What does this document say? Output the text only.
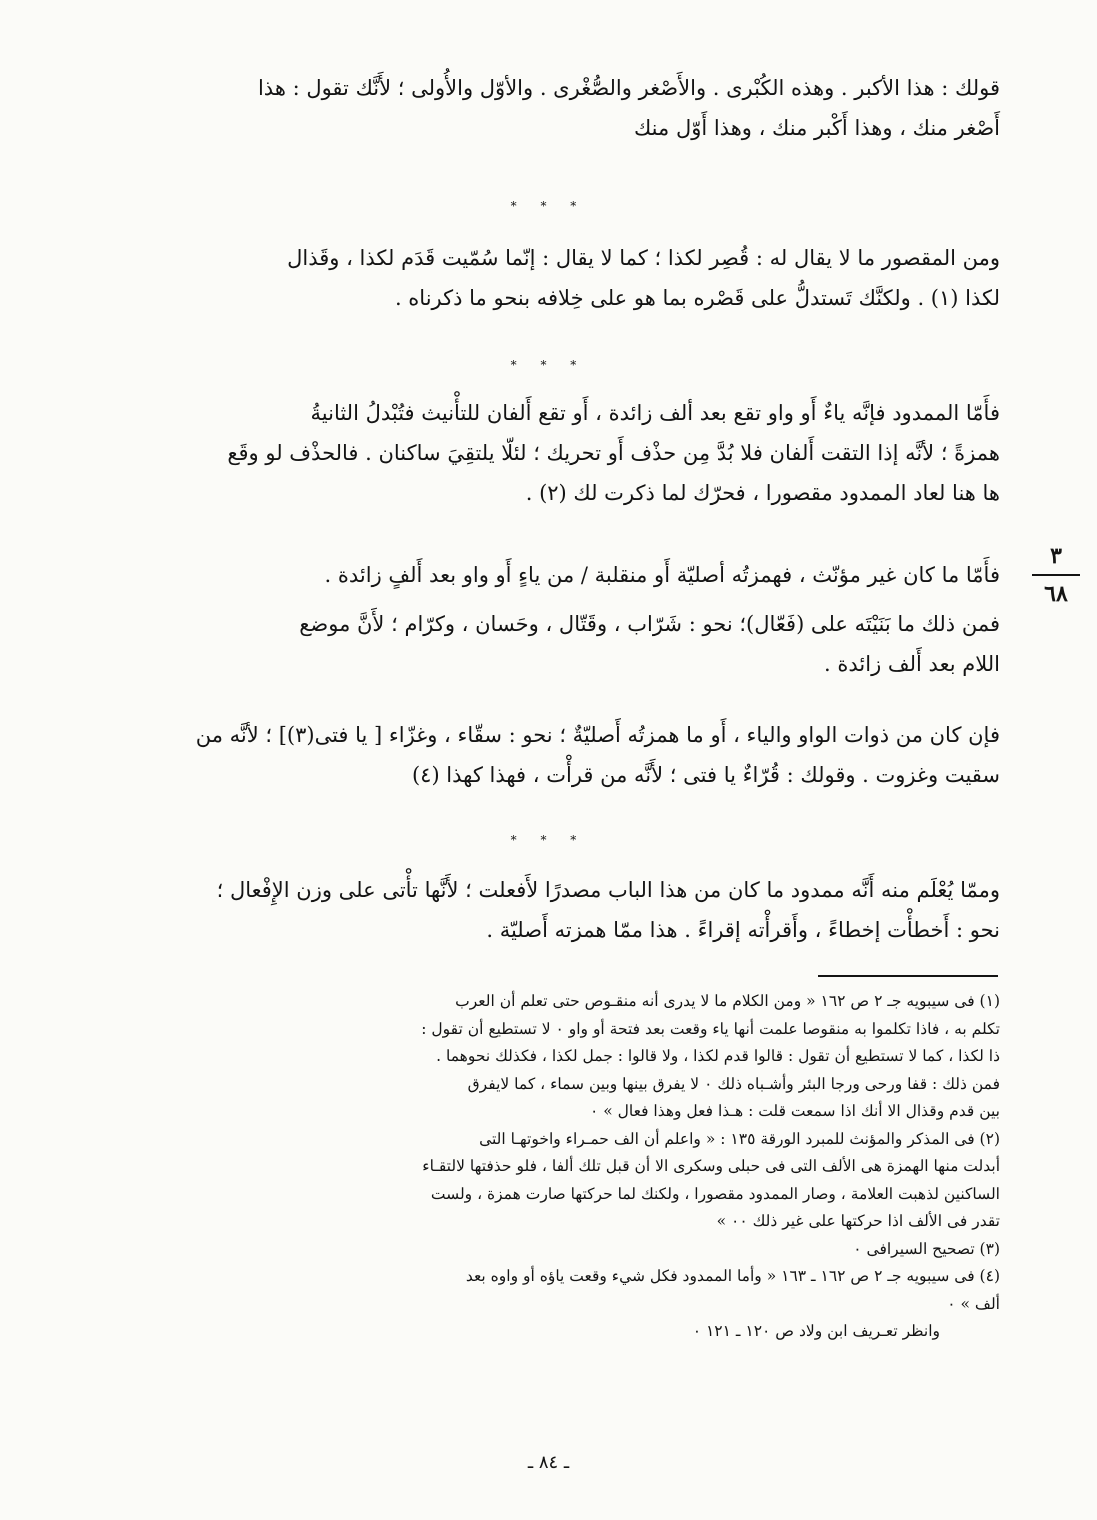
قولك : هذا الأكبر . وهذه الكُبْرى . والأَصْغر والصُّغْرى . والأوّل والأُولى ؛ لأَنَّك تقول : هذا

أَصْغر منك ، وهذا أَكْبر منك ، وهذا أَوّل منك

* * *

ومن المقصور ما لا يقال له : قُصِر لكذا ؛ كما لا يقال : إنّما سُمّيت قَدَم لكذا ، وقَذال

لكذا (١) . ولكنَّك تَستدلُّ على قَصْره بما هو على خِلافه بنحو ما ذكرناه .

* * *

فأَمّا الممدود فإنَّه ياءٌ أَو واو تقع بعد ألف زائدة ، أَو تقع أَلفان للتأْنيث فتُبْدلُ الثانيةُ

همزةً ؛ لأنَّه إذا التقت أَلفان فلا بُدَّ مِن حذْف أَو تحريك ؛ لئلّا يلتقِيَ ساكنان . فالحذْف لو وقَع

ها هنا لعاد الممدود مقصورا ، فحرّك لما ذكرت لك (٢) .

٣
٦٨

فأَمّا ما كان غير مؤنّث ، فهمزتُه أصليّة أَو منقلبة / من ياءٍ أَو واو بعد أَلفٍ زائدة .

فمن ذلك ما بَنَيْتَه على (فَعّال)؛ نحو : شَرّاب ، وقَتّال ، وحَسان ، وكرّام ؛ لأَنَّ موضع

اللام بعد أَلف زائدة .

فإن كان من ذوات الواو والياء ، أَو ما همزتُه أَصليّةٌ ؛ نحو : سقّاء ، وغزّاء [ يا فتى(٣)] ؛ لأنَّه من

سقيت وغزوت . وقولك : قُرّاءٌ يا فتى ؛ لأَنَّه من قرأْت ، فهذا كهذا (٤)

* * *

وممّا يُعْلَم منه أَنَّه ممدود ما كان من هذا الباب مصدرًا لأَفعلت ؛ لأَنَّها تأْتى على وزن الإِفْعال ؛

نحو : أَخطأْت إخطاءً ، وأَقرأْته إقراءً . هذا ممّا همزته أَصليّة .

(١) فى سيبويه جـ ٢ ص ١٦٢ « ومن الكلام ما لا يدرى أنه منقـوص حتى تعلم أن العرب

تكلم به ، فاذا تكلموا به منقوصا علمت أنها ياء وقعت بعد فتحة أو واو ٠ لا تستطيع أن تقول :

ذا لكذا ، كما لا تستطيع أن تقول : قالوا قدم لكذا ، ولا قالوا : جمل لكذا ، فكذلك نحوهما .

فمن ذلك : قفا ورحى ورجا البئر وأشـباه ذلك ٠ لا يفرق بينها وبين سماء ، كما لايفرق

بين قدم وقذال الا أنك اذا سمعت قلت : هـذا فعل وهذا فعال » ٠

(٢) فى المذكر والمؤنث للمبرد الورقة ١٣٥ : « واعلم أن الف حمـراء واخوتهـا التى

أبدلت منها الهمزة هى الألف التى فى حبلى وسكرى الا أن قبل تلك ألفا ، فلو حذفتها لالتقـاء

الساكنين لذهبت العلامة ، وصار الممدود مقصورا ، ولكنك لما حركتها صارت همزة ، ولست

تقدر فى الألف اذا حركتها على غير ذلك ٠٠ »

(٣) تصحيح السيرافى ٠

(٤) فى سيبويه جـ ٢ ص ١٦٢ ـ ١٦٣ « وأما الممدود فكل شيء وقعت ياؤه أو واوه بعد

ألف » ٠

وانظر تعـريف ابن ولاد ص ١٢٠ ـ ١٢١ ٠

ـ ٨٤ ـ
